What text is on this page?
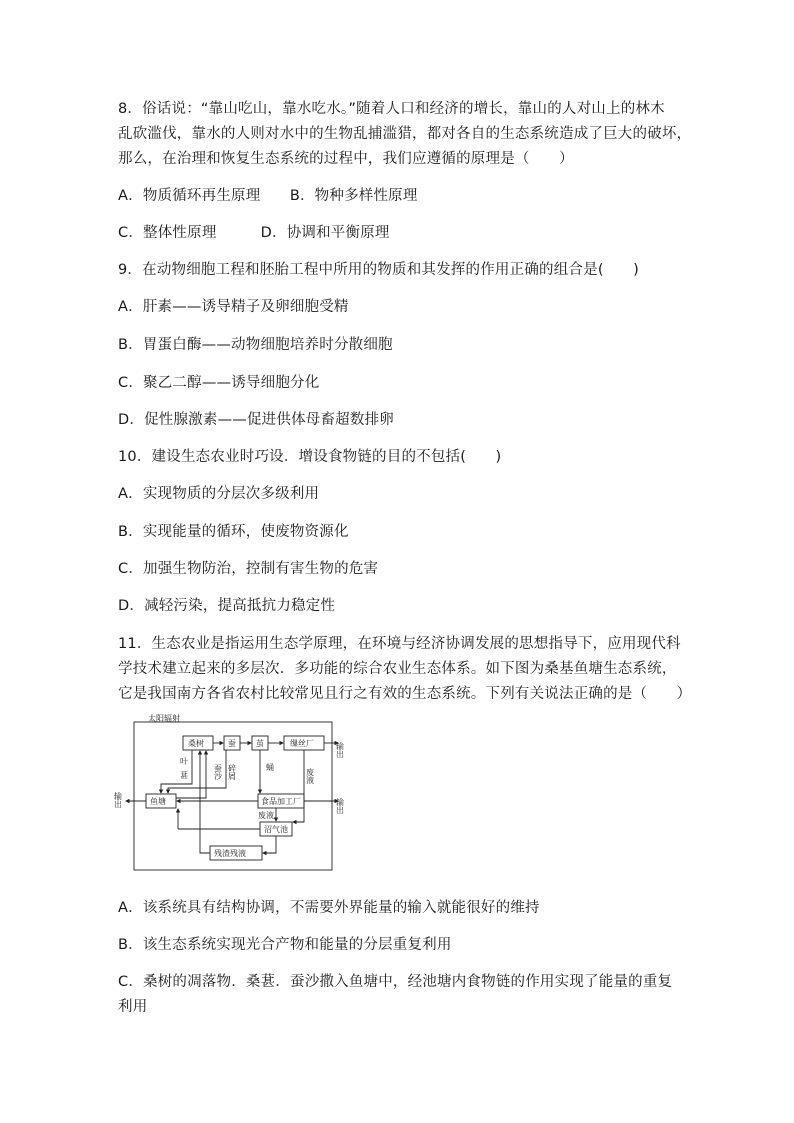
8．俗话说：“靠山吃山，靠水吃水。”随着人口和经济的增长，靠山的人对山上的林木
乱砍滥伐，靠水的人则对水中的生物乱捕滥猎，都对各自的生态系统造成了巨大的破坏，
那么，在治理和恢复生态系统的过程中，我们应遵循的原理是（　　）
A．物质循环再生原理　　B．物种多样性原理
C．整体性原理　　　D．协调和平衡原理
9．在动物细胞工程和胚胎工程中所用的物质和其发挥的作用正确的组合是(　　)
A．肝素——诱导精子及卵细胞受精
B．胃蛋白酶——动物细胞培养时分散细胞
C．聚乙二醇——诱导细胞分化
D．促性腺激素——促进供体母畜超数排卵
10．建设生态农业时巧设．增设食物链的目的不包括(　　)
A．实现物质的分层次多级利用
B．实现能量的循环，使废物资源化
C．加强生物防治，控制有害生物的危害
D．减轻污染，提高抵抗力稳定性
11．生态农业是指运用生态学原理，在环境与经济协调发展的思想指导下，应用现代科
学技术建立起来的多层次．多功能的综合农业生态体系。如下图为桑基鱼塘生态系统，
它是我国南方各省农村比较常见且行之有效的生态系统。下列有关说法正确的是（　　）
太阳辐射
桑树	蚕	茧	缫丝厂	输出
叶
葚	蚕沙 碎屑	蛹
废液
鱼塘
输出	食品加工厂	输出
废液
沼气池
残渣残液
A．该系统具有结构协调，不需要外界能量的输入就能很好的维持
B．该生态系统实现光合产物和能量的分层重复利用
C．桑树的凋落物．桑葚．蚕沙撒入鱼塘中，经池塘内食物链的作用实现了能量的重复
利用
